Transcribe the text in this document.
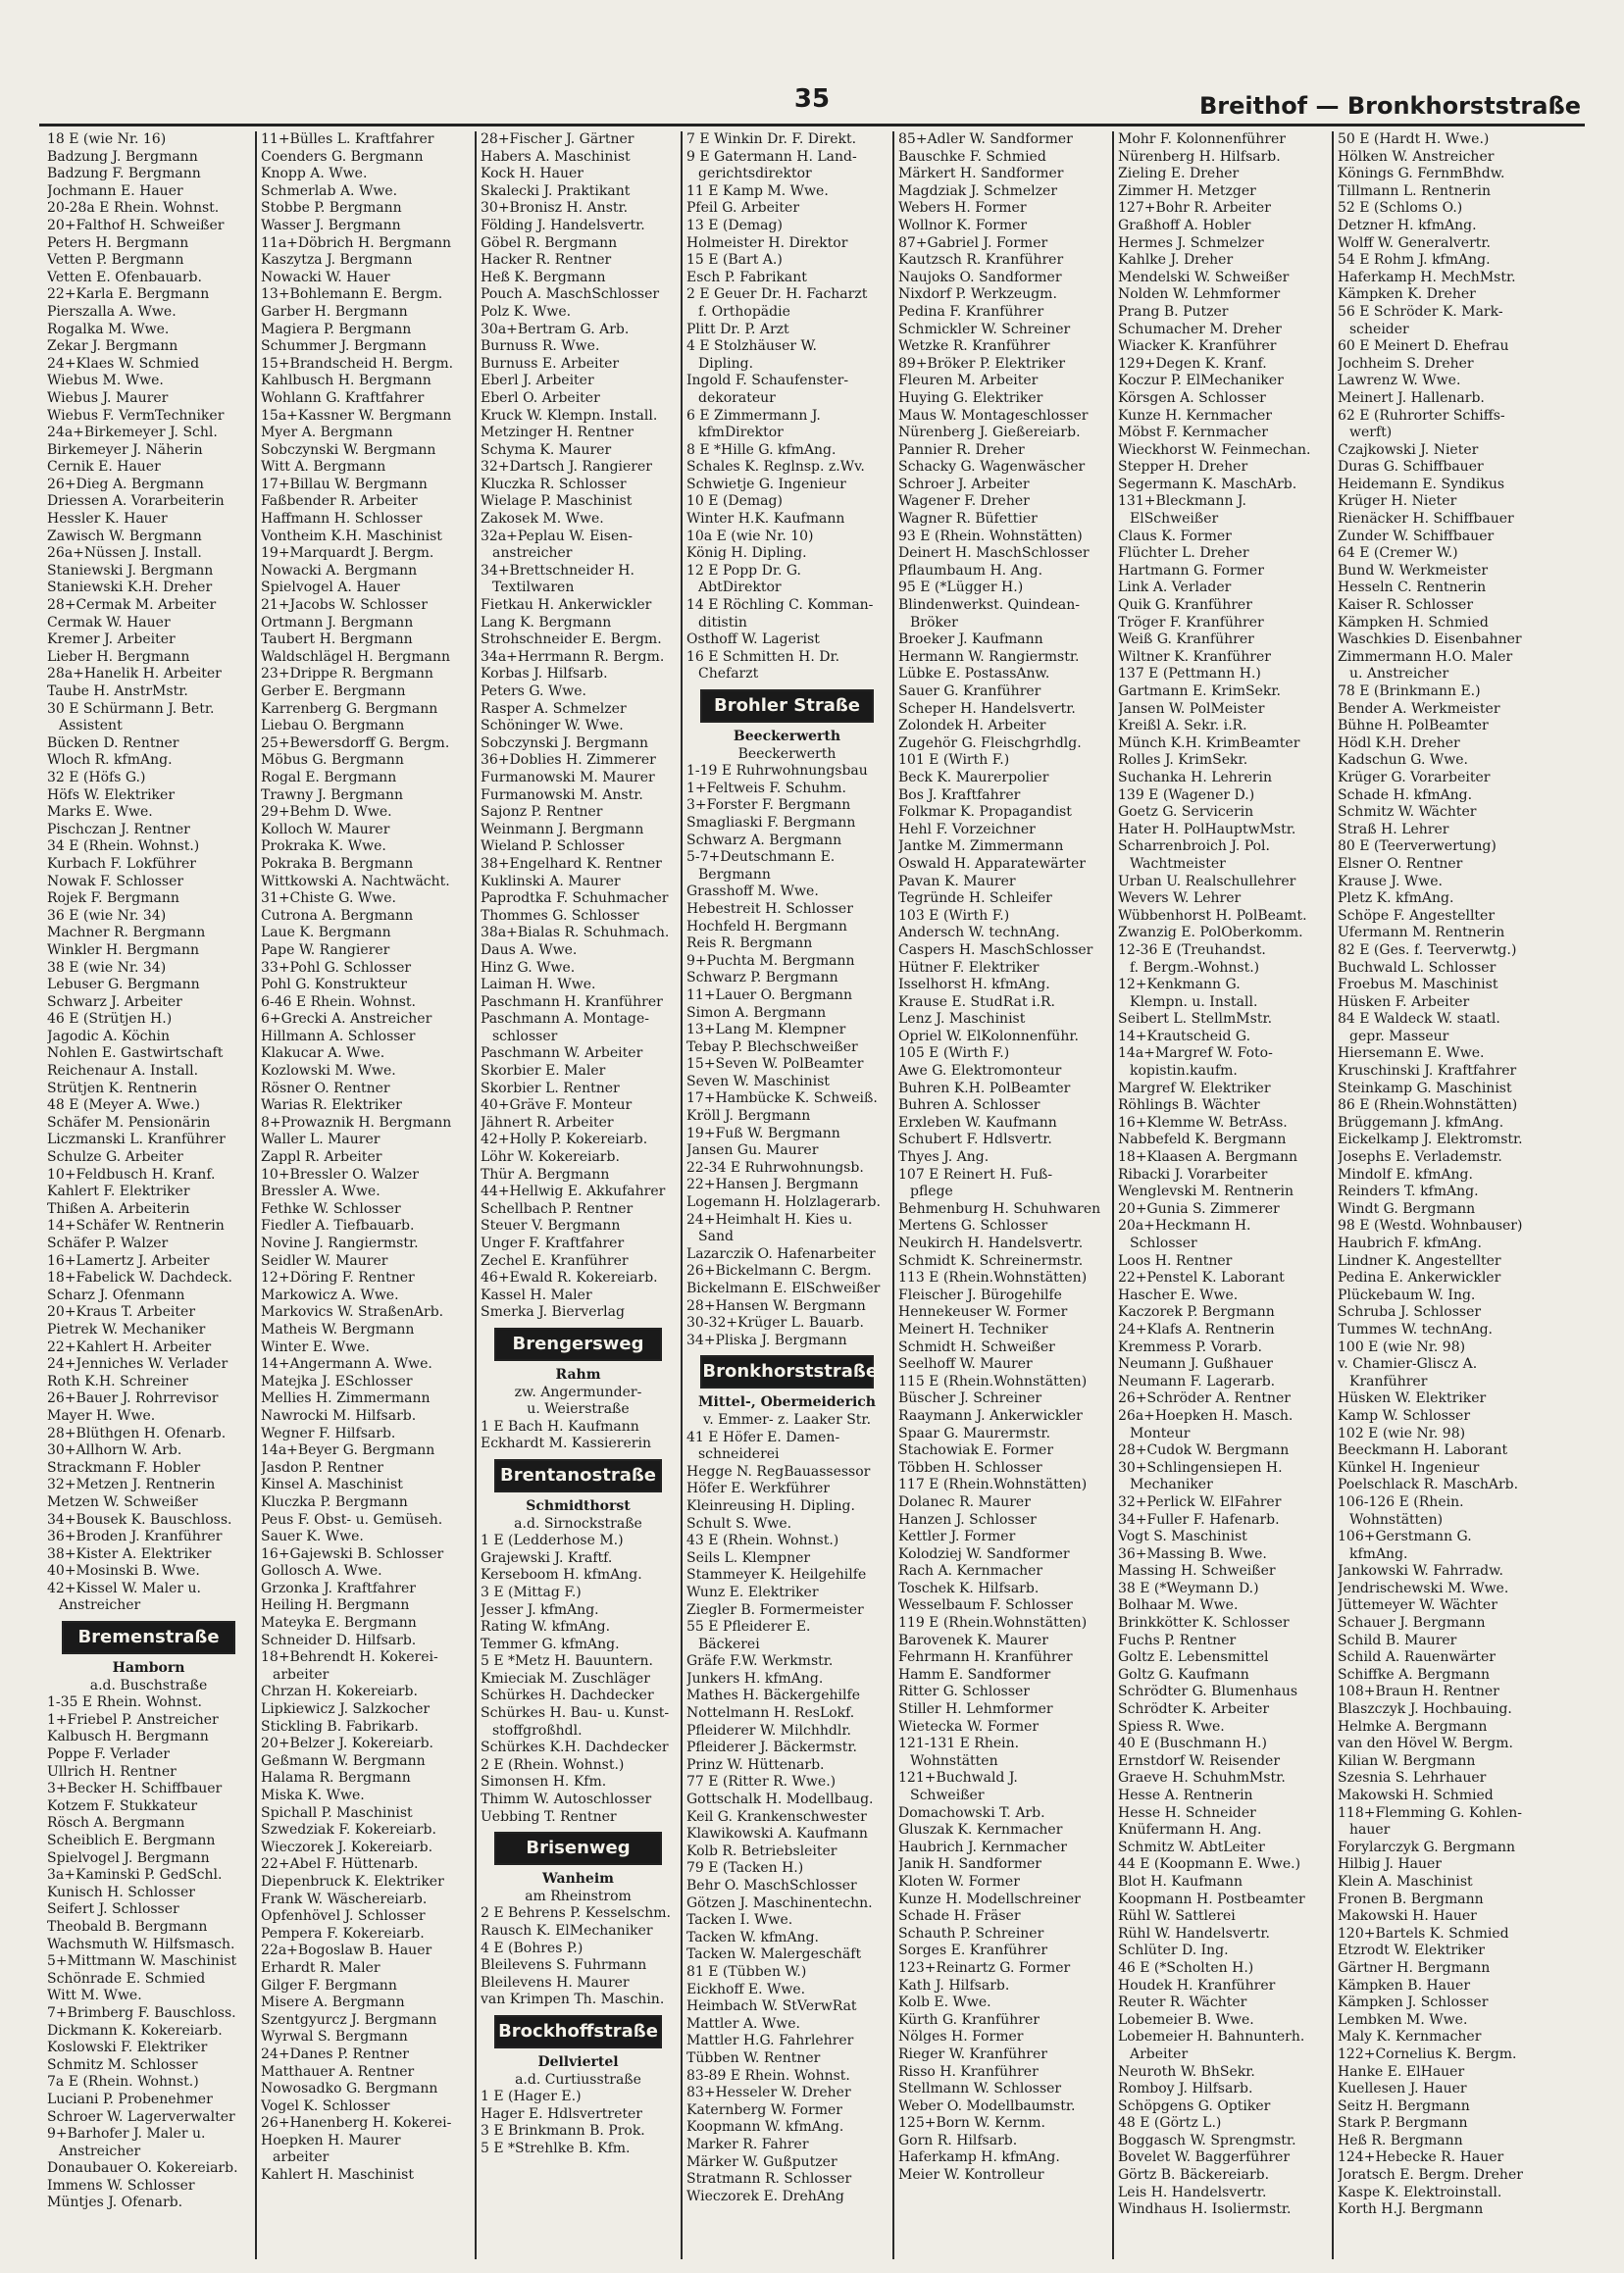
35	Breithof — Bronkhorststraße
18 E (wie Nr. 16)
Badzung J. Bergmann
Badzung F. Bergmann
Jochmann E. Hauer
20-28a E Rhein. Wohnst.
20+Falthof H. Schweißer
Peters H. Bergmann
Vetten P. Bergmann
Vetten E. Ofenbauarb.
22+Karla E. Bergmann
Pierszalla A. Wwe.
Rogalka M. Wwe.
Zekar J. Bergmann
24+Klaes W. Schmied
Wiebus M. Wwe.
Wiebus J. Maurer
Wiebus F. VermTechniker
24a+Birkemeyer J. Schl.
Birkemeyer J. Näherin
Cernik E. Hauer
26+Dieg A. Bergmann
Driessen A. Vorarbeiterin
Hessler K. Hauer
Zawisch W. Bergmann
26a+Nüssen J. Install.
Staniewski J. Bergmann
Staniewski K.H. Dreher
28+Cermak M. Arbeiter
Cermak W. Hauer
Kremer J. Arbeiter
Lieber H. Bergmann
28a+Hanelik H. Arbeiter
Taube H. AnstrMstr.
30 E Schürmann J. Betr.
Assistent
Bücken D. Rentner
Wloch R. kfmAng.
32 E (Höfs G.)
Höfs W. Elektriker
Marks E. Wwe.
Pischczan J. Rentner
34 E (Rhein. Wohnst.)
Kurbach F. Lokführer
Nowak F. Schlosser
Rojek F. Bergmann
36 E (wie Nr. 34)
Machner R. Bergmann
Winkler H. Bergmann
38 E (wie Nr. 34)
Lebuser G. Bergmann
Schwarz J. Arbeiter
46 E (Strütjen H.)
Jagodic A. Köchin
Nohlen E. Gastwirtschaft
Reichenaur A. Install.
Strütjen K. Rentnerin
48 E (Meyer A. Wwe.)
Schäfer M. Pensionärin
Liczmanski L. Kranführer
Schulze G. Arbeiter
10+Feldbusch H. Kranf.
Kahlert F. Elektriker
Thißen A. Arbeiterin
14+Schäfer W. Rentnerin
Schäfer P. Walzer
16+Lamertz J. Arbeiter
18+Fabelick W. Dachdeck.
Scharz J. Ofenmann
20+Kraus T. Arbeiter
Pietrek W. Mechaniker
22+Kahlert H. Arbeiter
24+Jenniches W. Verlader
Roth K.H. Schreiner
26+Bauer J. Rohrrevisor
Mayer H. Wwe.
28+Blüthgen H. Ofenarb.
30+Allhorn W. Arb.
Strackmann F. Hobler
32+Metzen J. Rentnerin
Metzen W. Schweißer
34+Bousek K. Bauschloss.
36+Broden J. Kranführer
38+Kister A. Elektriker
40+Mosinski B. Wwe.
42+Kissel W. Maler u.
Anstreicher
Bremenstraße
Hamborn
a.d. Buschstraße
1-35 E Rhein. Wohnst.
1+Friebel P. Anstreicher
Kalbusch H. Bergmann
Poppe F. Verlader
Ullrich H. Rentner
3+Becker H. Schiffbauer
Kotzem F. Stukkateur
Rösch A. Bergmann
Scheiblich E. Bergmann
Spielvogel J. Bergmann
3a+Kaminski P. GedSchl.
Kunisch H. Schlosser
Seifert J. Schlosser
Theobald B. Bergmann
Wachsmuth W. Hilfsmasch.
5+Mittmann W. Maschinist
Schönrade E. Schmied
Witt M. Wwe.
7+Brimberg F. Bauschloss.
Dickmann K. Kokereiarb.
Koslowski F. Elektriker
Schmitz M. Schlosser
7a E (Rhein. Wohnst.)
Luciani P. Probenehmer
Schroer W. Lagerverwalter
9+Barhofer J. Maler u.
Anstreicher
Donaubauer O. Kokereiarb.
Immens W. Schlosser
Müntjes J. Ofenarb.
11+Bülles L. Kraftfahrer
Coenders G. Bergmann
Knopp A. Wwe.
Schmerlab A. Wwe.
Stobbe P. Bergmann
Wasser J. Bergmann
11a+Döbrich H. Bergmann
Kaszytza J. Bergmann
Nowacki W. Hauer
13+Bohlemann E. Bergm.
Garber H. Bergmann
Magiera P. Bergmann
Schummer J. Bergmann
15+Brandscheid H. Bergm.
Kahlbusch H. Bergmann
Wohlann G. Kraftfahrer
15a+Kassner W. Bergmann
Myer A. Bergmann
Sobczynski W. Bergmann
Witt A. Bergmann
17+Billau W. Bergmann
Faßbender R. Arbeiter
Haffmann H. Schlosser
Vontheim K.H. Maschinist
19+Marquardt J. Bergm.
Nowacki A. Bergmann
Spielvogel A. Hauer
21+Jacobs W. Schlosser
Ortmann J. Bergmann
Taubert H. Bergmann
Waldschlägel H. Bergmann
23+Drippe R. Bergmann
Gerber E. Bergmann
Karrenberg G. Bergmann
Liebau O. Bergmann
25+Bewersdorff G. Bergm.
Möbus G. Bergmann
Rogal E. Bergmann
Trawny J. Bergmann
29+Behm D. Wwe.
Kolloch W. Maurer
Prokraka K. Wwe.
Pokraka B. Bergmann
Wittkowski A. Nachtwächt.
31+Chiste G. Wwe.
Cutrona A. Bergmann
Laue K. Bergmann
Pape W. Rangierer
33+Pohl G. Schlosser
Pohl G. Konstrukteur
6-46 E Rhein. Wohnst.
6+Grecki A. Anstreicher
Hillmann A. Schlosser
Klakucar A. Wwe.
Kozlowski M. Wwe.
Rösner O. Rentner
Warias R. Elektriker
8+Prowaznik H. Bergmann
Waller L. Maurer
Zappl R. Arbeiter
10+Bressler O. Walzer
Bressler A. Wwe.
Fethke W. Schlosser
Fiedler A. Tiefbauarb.
Novine J. Rangiermstr.
Seidler W. Maurer
12+Döring F. Rentner
Markowicz A. Wwe.
Markovics W. StraßenArb.
Matheis W. Bergmann
Winter E. Wwe.
14+Angermann A. Wwe.
Matejka J. ESchlosser
Mellies H. Zimmermann
Nawrocki M. Hilfsarb.
Wegner F. Hilfsarb.
14a+Beyer G. Bergmann
Jasdon P. Rentner
Kinsel A. Maschinist
Kluczka P. Bergmann
Peus F. Obst- u. Gemüseh.
Sauer K. Wwe.
16+Gajewski B. Schlosser
Gollosch A. Wwe.
Grzonka J. Kraftfahrer
Heiling H. Bergmann
Mateyka E. Bergmann
Schneider D. Hilfsarb.
18+Behrendt H. Kokerei-
arbeiter
Chrzan H. Kokereiarb.
Lipkiewicz J. Salzkocher
Stickling B. Fabrikarb.
20+Belzer J. Kokereiarb.
Geßmann W. Bergmann
Halama R. Bergmann
Miska K. Wwe.
Spichall P. Maschinist
Szwedziak F. Kokereiarb.
Wieczorek J. Kokereiarb.
22+Abel F. Hüttenarb.
Diepenbruck K. Elektriker
Frank W. Wäschereiarb.
Opfenhövel J. Schlosser
Pempera F. Kokereiarb.
22a+Bogoslaw B. Hauer
Erhardt R. Maler
Gilger F. Bergmann
Misere A. Bergmann
Szentgyurcz J. Bergmann
Wyrwal S. Bergmann
24+Danes P. Rentner
Matthauer A. Rentner
Nowosadko G. Bergmann
Vogel K. Schlosser
26+Hanenberg H. Kokerei-
Hoepken H. Maurer
arbeiter
Kahlert H. Maschinist
28+Fischer J. Gärtner
Habers A. Maschinist
Kock H. Hauer
Skalecki J. Praktikant
30+Bronisz H. Anstr.
Földing J. Handelsvertr.
Göbel R. Bergmann
Hacker R. Rentner
Heß K. Bergmann
Pouch A. MaschSchlosser
Polz K. Wwe.
30a+Bertram G. Arb.
Burnuss R. Wwe.
Burnuss E. Arbeiter
Eberl J. Arbeiter
Eberl O. Arbeiter
Kruck W. Klempn. Install.
Metzinger H. Rentner
Schyma K. Maurer
32+Dartsch J. Rangierer
Kluczka R. Schlosser
Wielage P. Maschinist
Zakosek M. Wwe.
32a+Peplau W. Eisen-
anstreicher
34+Brettschneider H.
Textilwaren
Fietkau H. Ankerwickler
Lang K. Bergmann
Strohschneider E. Bergm.
34a+Herrmann R. Bergm.
Korbas J. Hilfsarb.
Peters G. Wwe.
Rasper A. Schmelzer
Schöninger W. Wwe.
Sobczynski J. Bergmann
36+Doblies H. Zimmerer
Furmanowski M. Maurer
Furmanowski M. Anstr.
Sajonz P. Rentner
Weinmann J. Bergmann
Wieland P. Schlosser
38+Engelhard K. Rentner
Kuklinski A. Maurer
Paprodtka F. Schuhmacher
Thommes G. Schlosser
38a+Bialas R. Schuhmach.
Daus A. Wwe.
Hinz G. Wwe.
Laiman H. Wwe.
Paschmann H. Kranführer
Paschmann A. Montage-
schlosser
Paschmann W. Arbeiter
Skorbier E. Maler
Skorbier L. Rentner
40+Gräve F. Monteur
Jähnert R. Arbeiter
42+Holly P. Kokereiarb.
Löhr W. Kokereiarb.
Thür A. Bergmann
44+Hellwig E. Akkufahrer
Schellbach P. Rentner
Steuer V. Bergmann
Unger F. Kraftfahrer
Zechel E. Kranführer
46+Ewald R. Kokereiarb.
Kassel H. Maler
Smerka J. Bierverlag
Brengersweg
Rahm
zw. Angermunder-
u. Weierstraße
1 E Bach H. Kaufmann
Eckhardt M. Kassiererin
Brentanostraße
Schmidthorst
a.d. Sirnockstraße
1 E (Ledderhose M.)
Grajewski J. Kraftf.
Kerseboom H. kfmAng.
3 E (Mittag F.)
Jesser J. kfmAng.
Rating W. kfmAng.
Temmer G. kfmAng.
5 E *Metz H. Bauuntern.
Kmieciak M. Zuschläger
Schürkes H. Dachdecker
Schürkes H. Bau- u. Kunst-
stoffgroßhdl.
Schürkes K.H. Dachdecker
2 E (Rhein. Wohnst.)
Simonsen H. Kfm.
Thimm W. Autoschlosser
Uebbing T. Rentner
Brisenweg
Wanheim
am Rheinstrom
2 E Behrens P. Kesselschm.
Rausch K. ElMechaniker
4 E (Bohres P.)
Bleilevens S. Fuhrmann
Bleilevens H. Maurer
van Krimpen Th. Maschin.
Brockhoffstraße
Dellviertel
a.d. Curtiusstraße
1 E (Hager E.)
Hager E. Hdlsvertreter
3 E Brinkmann B. Prok.
5 E *Strehlke B. Kfm.
7 E Winkin Dr. F. Direkt.
9 E Gatermann H. Land-
gerichtsdirektor
11 E Kamp M. Wwe.
Pfeil G. Arbeiter
13 E (Demag)
Holmeister H. Direktor
15 E (Bart A.)
Esch P. Fabrikant
2 E Geuer Dr. H. Facharzt
f. Orthopädie
Plitt Dr. P. Arzt
4 E Stolzhäuser W.
Dipling.
Ingold F. Schaufenster-
dekorateur
6 E Zimmermann J.
kfmDirektor
8 E *Hille G. kfmAng.
Schales K. Reglnsp. z.Wv.
Schwietje G. Ingenieur
10 E (Demag)
Winter H.K. Kaufmann
10a E (wie Nr. 10)
König H. Dipling.
12 E Popp Dr. G.
AbtDirektor
14 E Röchling C. Komman-
ditistin
Osthoff W. Lagerist
16 E Schmitten H. Dr.
Chefarzt
Brohler Straße
Beeckerwerth
Beeckerwerth
1-19 E Ruhrwohnungsbau
1+Feltweis F. Schuhm.
3+Forster F. Bergmann
Smagliaski F. Bergmann
Schwarz A. Bergmann
5-7+Deutschmann E.
Bergmann
Grasshoff M. Wwe.
Hebestreit H. Schlosser
Hochfeld H. Bergmann
Reis R. Bergmann
9+Puchta M. Bergmann
Schwarz P. Bergmann
11+Lauer O. Bergmann
Simon A. Bergmann
13+Lang M. Klempner
Tebay P. Blechschweißer
15+Seven W. PolBeamter
Seven W. Maschinist
17+Hambücke K. Schweiß.
Kröll J. Bergmann
19+Fuß W. Bergmann
Jansen Gu. Maurer
22-34 E Ruhrwohnungsb.
22+Hansen J. Bergmann
Logemann H. Holzlagerarb.
24+Heimhalt H. Kies u.
Sand
Lazarczik O. Hafenarbeiter
26+Bickelmann C. Bergm.
Bickelmann E. ElSchweißer
28+Hansen W. Bergmann
30-32+Krüger L. Bauarb.
34+Pliska J. Bergmann
Bronkhorststraße
Mittel-, Obermeiderich
v. Emmer- z. Laaker Str.
41 E Höfer E. Damen-
schneiderei
Hegge N. RegBauassessor
Höfer E. Werkführer
Kleinreusing H. Dipling.
Schult S. Wwe.
43 E (Rhein. Wohnst.)
Seils L. Klempner
Stammeyer K. Heilgehilfe
Wunz E. Elektriker
Ziegler B. Formermeister
55 E Pfleiderer E.
Bäckerei
Gräfe F.W. Werkmstr.
Junkers H. kfmAng.
Mathes H. Bäckergehilfe
Nottelmann H. ResLokf.
Pfleiderer W. Milchhdlr.
Pfleiderer J. Bäckermstr.
Prinz W. Hüttenarb.
77 E (Ritter R. Wwe.)
Gottschalk H. Modellbaug.
Keil G. Krankenschwester
Klawikowski A. Kaufmann
Kolb R. Betriebsleiter
79 E (Tacken H.)
Behr O. MaschSchlosser
Götzen J. Maschinentechn.
Tacken I. Wwe.
Tacken W. kfmAng.
Tacken W. Malergeschäft
81 E (Tübben W.)
Eickhoff E. Wwe.
Heimbach W. StVerwRat
Mattler A. Wwe.
Mattler H.G. Fahrlehrer
Tübben W. Rentner
83-89 E Rhein. Wohnst.
83+Hesseler W. Dreher
Katernberg W. Former
Koopmann W. kfmAng.
Marker R. Fahrer
Märker W. Gußputzer
Stratmann R. Schlosser
Wieczorek E. DrehAng
85+Adler W. Sandformer
Bauschke F. Schmied
Märkert H. Sandformer
Magdziak J. Schmelzer
Webers H. Former
Wollnor K. Former
87+Gabriel J. Former
Kautzsch R. Kranführer
Naujoks O. Sandformer
Nixdorf P. Werkzeugm.
Pedina F. Kranführer
Schmickler W. Schreiner
Wetzke R. Kranführer
89+Bröker P. Elektriker
Fleuren M. Arbeiter
Huying G. Elektriker
Maus W. Montageschlosser
Nürenberg J. Gießereiarb.
Pannier R. Dreher
Schacky G. Wagenwäscher
Schroer J. Arbeiter
Wagener F. Dreher
Wagner R. Büfettier
93 E (Rhein. Wohnstätten)
Deinert H. MaschSchlosser
Pflaumbaum H. Ang.
95 E (*Lügger H.)
Blindenwerkst. Quindean-
Bröker
Broeker J. Kaufmann
Hermann W. Rangiermstr.
Lübke E. PostassAnw.
Sauer G. Kranführer
Scheper H. Handelsvertr.
Zolondek H. Arbeiter
Zugehör G. Fleischgrhdlg.
101 E (Wirth F.)
Beck K. Maurerpolier
Bos J. Kraftfahrer
Folkmar K. Propagandist
Hehl F. Vorzeichner
Jantke M. Zimmermann
Oswald H. Apparatewärter
Pavan K. Maurer
Tegründe H. Schleifer
103 E (Wirth F.)
Andersch W. technAng.
Caspers H. MaschSchlosser
Hütner F. Elektriker
Isselhorst H. kfmAng.
Krause E. StudRat i.R.
Lenz J. Maschinist
Opriel W. ElKolonnenführ.
105 E (Wirth F.)
Awe G. Elektromonteur
Buhren K.H. PolBeamter
Buhren A. Schlosser
Erxleben W. Kaufmann
Schubert F. Hdlsvertr.
Thyes J. Ang.
107 E Reinert H. Fuß-
pflege
Behmenburg H. Schuhwaren
Mertens G. Schlosser
Neukirch H. Handelsvertr.
Schmidt K. Schreinermstr.
113 E (Rhein.Wohnstätten)
Fleischer J. Bürogehilfe
Hennekeuser W. Former
Meinert H. Techniker
Schmidt H. Schweißer
Seelhoff W. Maurer
115 E (Rhein.Wohnstätten)
Büscher J. Schreiner
Raaymann J. Ankerwickler
Spaar G. Maurermstr.
Stachowiak E. Former
Többen H. Schlosser
117 E (Rhein.Wohnstätten)
Dolanec R. Maurer
Hanzen J. Schlosser
Kettler J. Former
Kolodziej W. Sandformer
Rach A. Kernmacher
Toschek K. Hilfsarb.
Wesselbaum F. Schlosser
119 E (Rhein.Wohnstätten)
Barovenek K. Maurer
Fehrmann H. Kranführer
Hamm E. Sandformer
Ritter G. Schlosser
Stiller H. Lehmformer
Wietecka W. Former
121-131 E Rhein.
Wohnstätten
121+Buchwald J.
Schweißer
Domachowski T. Arb.
Gluszak K. Kernmacher
Haubrich J. Kernmacher
Janik H. Sandformer
Kloten W. Former
Kunze H. Modellschreiner
Schade H. Fräser
Schauth P. Schreiner
Sorges E. Kranführer
123+Reinartz G. Former
Kath J. Hilfsarb.
Kolb E. Wwe.
Kürth G. Kranführer
Nölges H. Former
Rieger W. Kranführer
Risso H. Kranführer
Stellmann W. Schlosser
Weber O. Modellbaumstr.
125+Born W. Kernm.
Gorn R. Hilfsarb.
Haferkamp H. kfmAng.
Meier W. Kontrolleur
Mohr F. Kolonnenführer
Nürenberg H. Hilfsarb.
Zieling E. Dreher
Zimmer H. Metzger
127+Bohr R. Arbeiter
Graßhoff A. Hobler
Hermes J. Schmelzer
Kahlke J. Dreher
Mendelski W. Schweißer
Nolden W. Lehmformer
Prang B. Putzer
Schumacher M. Dreher
Wiacker K. Kranführer
129+Degen K. Kranf.
Koczur P. ElMechaniker
Körsgen A. Schlosser
Kunze H. Kernmacher
Möbst F. Kernmacher
Wieckhorst W. Feinmechan.
Stepper H. Dreher
Segermann K. MaschArb.
131+Bleckmann J.
ElSchweißer
Claus K. Former
Flüchter L. Dreher
Hartmann G. Former
Link A. Verlader
Quik G. Kranführer
Tröger F. Kranführer
Weiß G. Kranführer
Wiltner K. Kranführer
137 E (Pettmann H.)
Gartmann E. KrimSekr.
Jansen W. PolMeister
Kreißl A. Sekr. i.R.
Münch K.H. KrimBeamter
Rolles J. KrimSekr.
Suchanka H. Lehrerin
139 E (Wagener D.)
Goetz G. Servicerin
Hater H. PolHauptwMstr.
Scharrenbroich J. Pol.
Wachtmeister
Urban U. Realschullehrer
Wevers W. Lehrer
Wübbenhorst H. PolBeamt.
Zwanzig E. PolOberkomm.
12-36 E (Treuhandst.
f. Bergm.-Wohnst.)
12+Kenkmann G.
Klempn. u. Install.
Seibert L. StellmMstr.
14+Krautscheid G.
14a+Margref W. Foto-
kopistin.kaufm.
Margref W. Elektriker
Röhlings B. Wächter
16+Klemme W. BetrAss.
Nabbefeld K. Bergmann
18+Klaasen A. Bergmann
Ribacki J. Vorarbeiter
Wenglevski M. Rentnerin
20+Gunia S. Zimmerer
20a+Heckmann H.
Schlosser
Loos H. Rentner
22+Penstel K. Laborant
Hascher E. Wwe.
Kaczorek P. Bergmann
24+Klafs A. Rentnerin
Kremmess P. Vorarb.
Neumann J. Gußhauer
Neumann F. Lagerarb.
26+Schröder A. Rentner
26a+Hoepken H. Masch.
Monteur
28+Cudok W. Bergmann
30+Schlingensiepen H.
Mechaniker
32+Perlick W. ElFahrer
34+Fuller F. Hafenarb.
Vogt S. Maschinist
36+Massing B. Wwe.
Massing H. Schweißer
38 E (*Weymann D.)
Bolhaar M. Wwe.
Brinkkötter K. Schlosser
Fuchs P. Rentner
Goltz E. Lebensmittel
Goltz G. Kaufmann
Schrödter G. Blumenhaus
Schrödter K. Arbeiter
Spiess R. Wwe.
40 E (Buschmann H.)
Ernstdorf W. Reisender
Graeve H. SchuhmMstr.
Hesse A. Rentnerin
Hesse H. Schneider
Knüfermann H. Ang.
Schmitz W. AbtLeiter
44 E (Koopmann E. Wwe.)
Blot H. Kaufmann
Koopmann H. Postbeamter
Rühl W. Sattlerei
Rühl W. Handelsvertr.
Schlüter D. Ing.
46 E (*Scholten H.)
Houdek H. Kranführer
Reuter R. Wächter
Lobemeier B. Wwe.
Lobemeier H. Bahnunterh.
Arbeiter
Neuroth W. BhSekr.
Romboy J. Hilfsarb.
Schöpgens G. Optiker
48 E (Görtz L.)
Boggasch W. Sprengmstr.
Bovelet W. Baggerführer
Görtz B. Bäckereiarb.
Leis H. Handelsvertr.
Windhaus H. Isoliermstr.
50 E (Hardt H. Wwe.)
Hölken W. Anstreicher
Könings G. FernmBhdw.
Tillmann L. Rentnerin
52 E (Schloms O.)
Detzner H. kfmAng.
Wolff W. Generalvertr.
54 E Rohm J. kfmAng.
Haferkamp H. MechMstr.
Kämpken K. Dreher
56 E Schröder K. Mark-
scheider
60 E Meinert D. Ehefrau
Jochheim S. Dreher
Lawrenz W. Wwe.
Meinert J. Hallenarb.
62 E (Ruhrorter Schiffs-
werft)
Czajkowski J. Nieter
Duras G. Schiffbauer
Heidemann E. Syndikus
Krüger H. Nieter
Rienäcker H. Schiffbauer
Zunder W. Schiffbauer
64 E (Cremer W.)
Bund W. Werkmeister
Hesseln C. Rentnerin
Kaiser R. Schlosser
Kämpken H. Schmied
Waschkies D. Eisenbahner
Zimmermann H.O. Maler
u. Anstreicher
78 E (Brinkmann E.)
Bender A. Werkmeister
Bühne H. PolBeamter
Hödl K.H. Dreher
Kadschun G. Wwe.
Krüger G. Vorarbeiter
Schade H. kfmAng.
Schmitz W. Wächter
Straß H. Lehrer
80 E (Teerverwertung)
Elsner O. Rentner
Krause J. Wwe.
Pletz K. kfmAng.
Schöpe F. Angestellter
Ufermann M. Rentnerin
82 E (Ges. f. Teerverwtg.)
Buchwald L. Schlosser
Froebus M. Maschinist
Hüsken F. Arbeiter
84 E Waldeck W. staatl.
gepr. Masseur
Hiersemann E. Wwe.
Kruschinski J. Kraftfahrer
Steinkamp G. Maschinist
86 E (Rhein.Wohnstätten)
Brüggemann J. kfmAng.
Eickelkamp J. Elektromstr.
Josephs E. Verlademstr.
Mindolf E. kfmAng.
Reinders T. kfmAng.
Windt G. Bergmann
98 E (Westd. Wohnbauser)
Haubrich F. kfmAng.
Lindner K. Angestellter
Pedina E. Ankerwickler
Plückebaum W. Ing.
Schruba J. Schlosser
Tummes W. technAng.
100 E (wie Nr. 98)
v. Chamier-Gliscz A.
Kranführer
Hüsken W. Elektriker
Kamp W. Schlosser
102 E (wie Nr. 98)
Beeckmann H. Laborant
Künkel H. Ingenieur
Poelschlack R. MaschArb.
106-126 E (Rhein.
Wohnstätten)
106+Gerstmann G.
kfmAng.
Jankowski W. Fahrradw.
Jendrischewski M. Wwe.
Jüttemeyer W. Wächter
Schauer J. Bergmann
Schild B. Maurer
Schild A. Rauenwärter
Schiffke A. Bergmann
108+Braun H. Rentner
Blaszczyk J. Hochbauing.
Helmke A. Bergmann
van den Hövel W. Bergm.
Kilian W. Bergmann
Szesnia S. Lehrhauer
Makowski H. Schmied
118+Flemming G. Kohlen-
hauer
Forylarczyk G. Bergmann
Hilbig J. Hauer
Klein A. Maschinist
Fronen B. Bergmann
Makowski H. Hauer
120+Bartels K. Schmied
Etzrodt W. Elektriker
Gärtner H. Bergmann
Kämpken B. Hauer
Kämpken J. Schlosser
Lembken M. Wwe.
Maly K. Kernmacher
122+Cornelius K. Bergm.
Hanke E. ElHauer
Kuellesen J. Hauer
Seitz H. Bergmann
Stark P. Bergmann
Heß R. Bergmann
124+Hebecke R. Hauer
Joratsch E. Bergm. Dreher
Kaspe K. Elektroinstall.
Korth H.J. Bergmann
